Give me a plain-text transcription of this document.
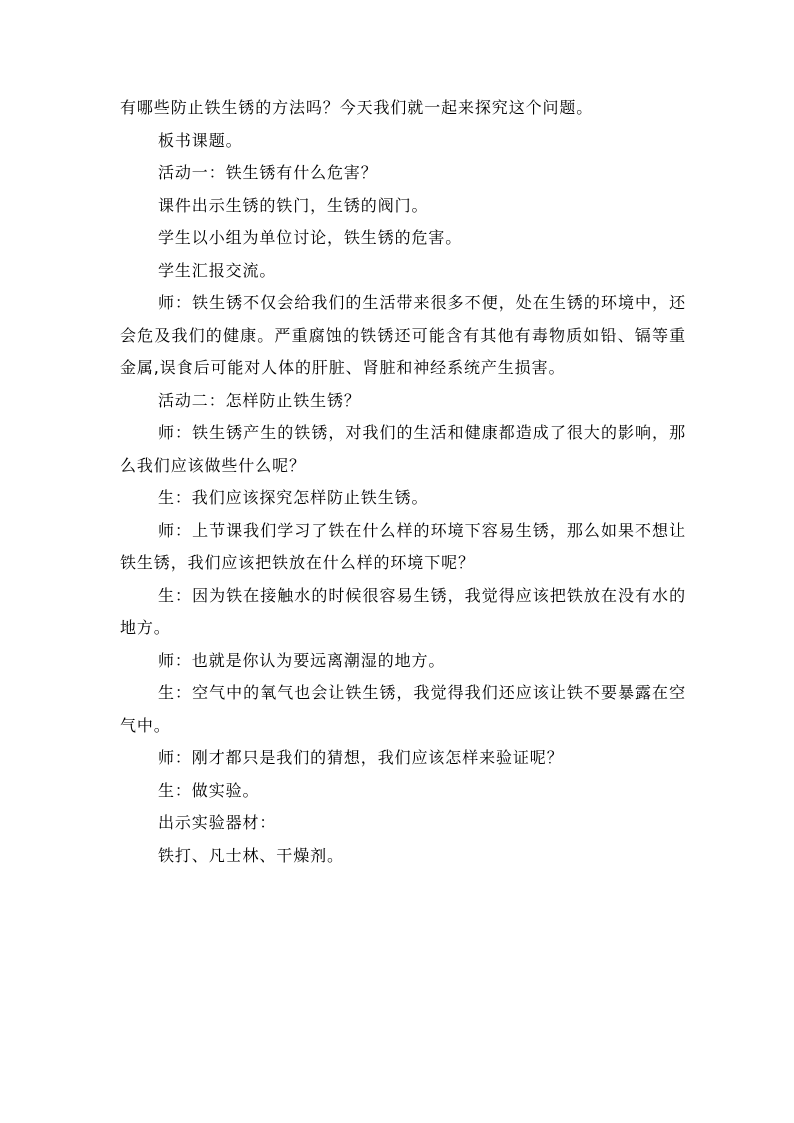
有哪些防止铁生锈的方法吗？今天我们就一起来探究这个问题。

板书课题。

活动一：铁生锈有什么危害？

课件出示生锈的铁门，生锈的阀门。

学生以小组为单位讨论，铁生锈的危害。

学生汇报交流。

师：铁生锈不仅会给我们的生活带来很多不便，处在生锈的环境中，还会危及我们的健康。严重腐蚀的铁锈还可能含有其他有毒物质如铅、镉等重金属,误食后可能对人体的肝脏、肾脏和神经系统产生损害。

活动二：怎样防止铁生锈？

师：铁生锈产生的铁锈，对我们的生活和健康都造成了很大的影响，那么我们应该做些什么呢？

生：我们应该探究怎样防止铁生锈。

师：上节课我们学习了铁在什么样的环境下容易生锈，那么如果不想让铁生锈，我们应该把铁放在什么样的环境下呢？

生：因为铁在接触水的时候很容易生锈，我觉得应该把铁放在没有水的地方。

师：也就是你认为要远离潮湿的地方。

生：空气中的氧气也会让铁生锈，我觉得我们还应该让铁不要暴露在空气中。

师：刚才都只是我们的猜想，我们应该怎样来验证呢？

生：做实验。

出示实验器材：

铁打、凡士林、干燥剂。
